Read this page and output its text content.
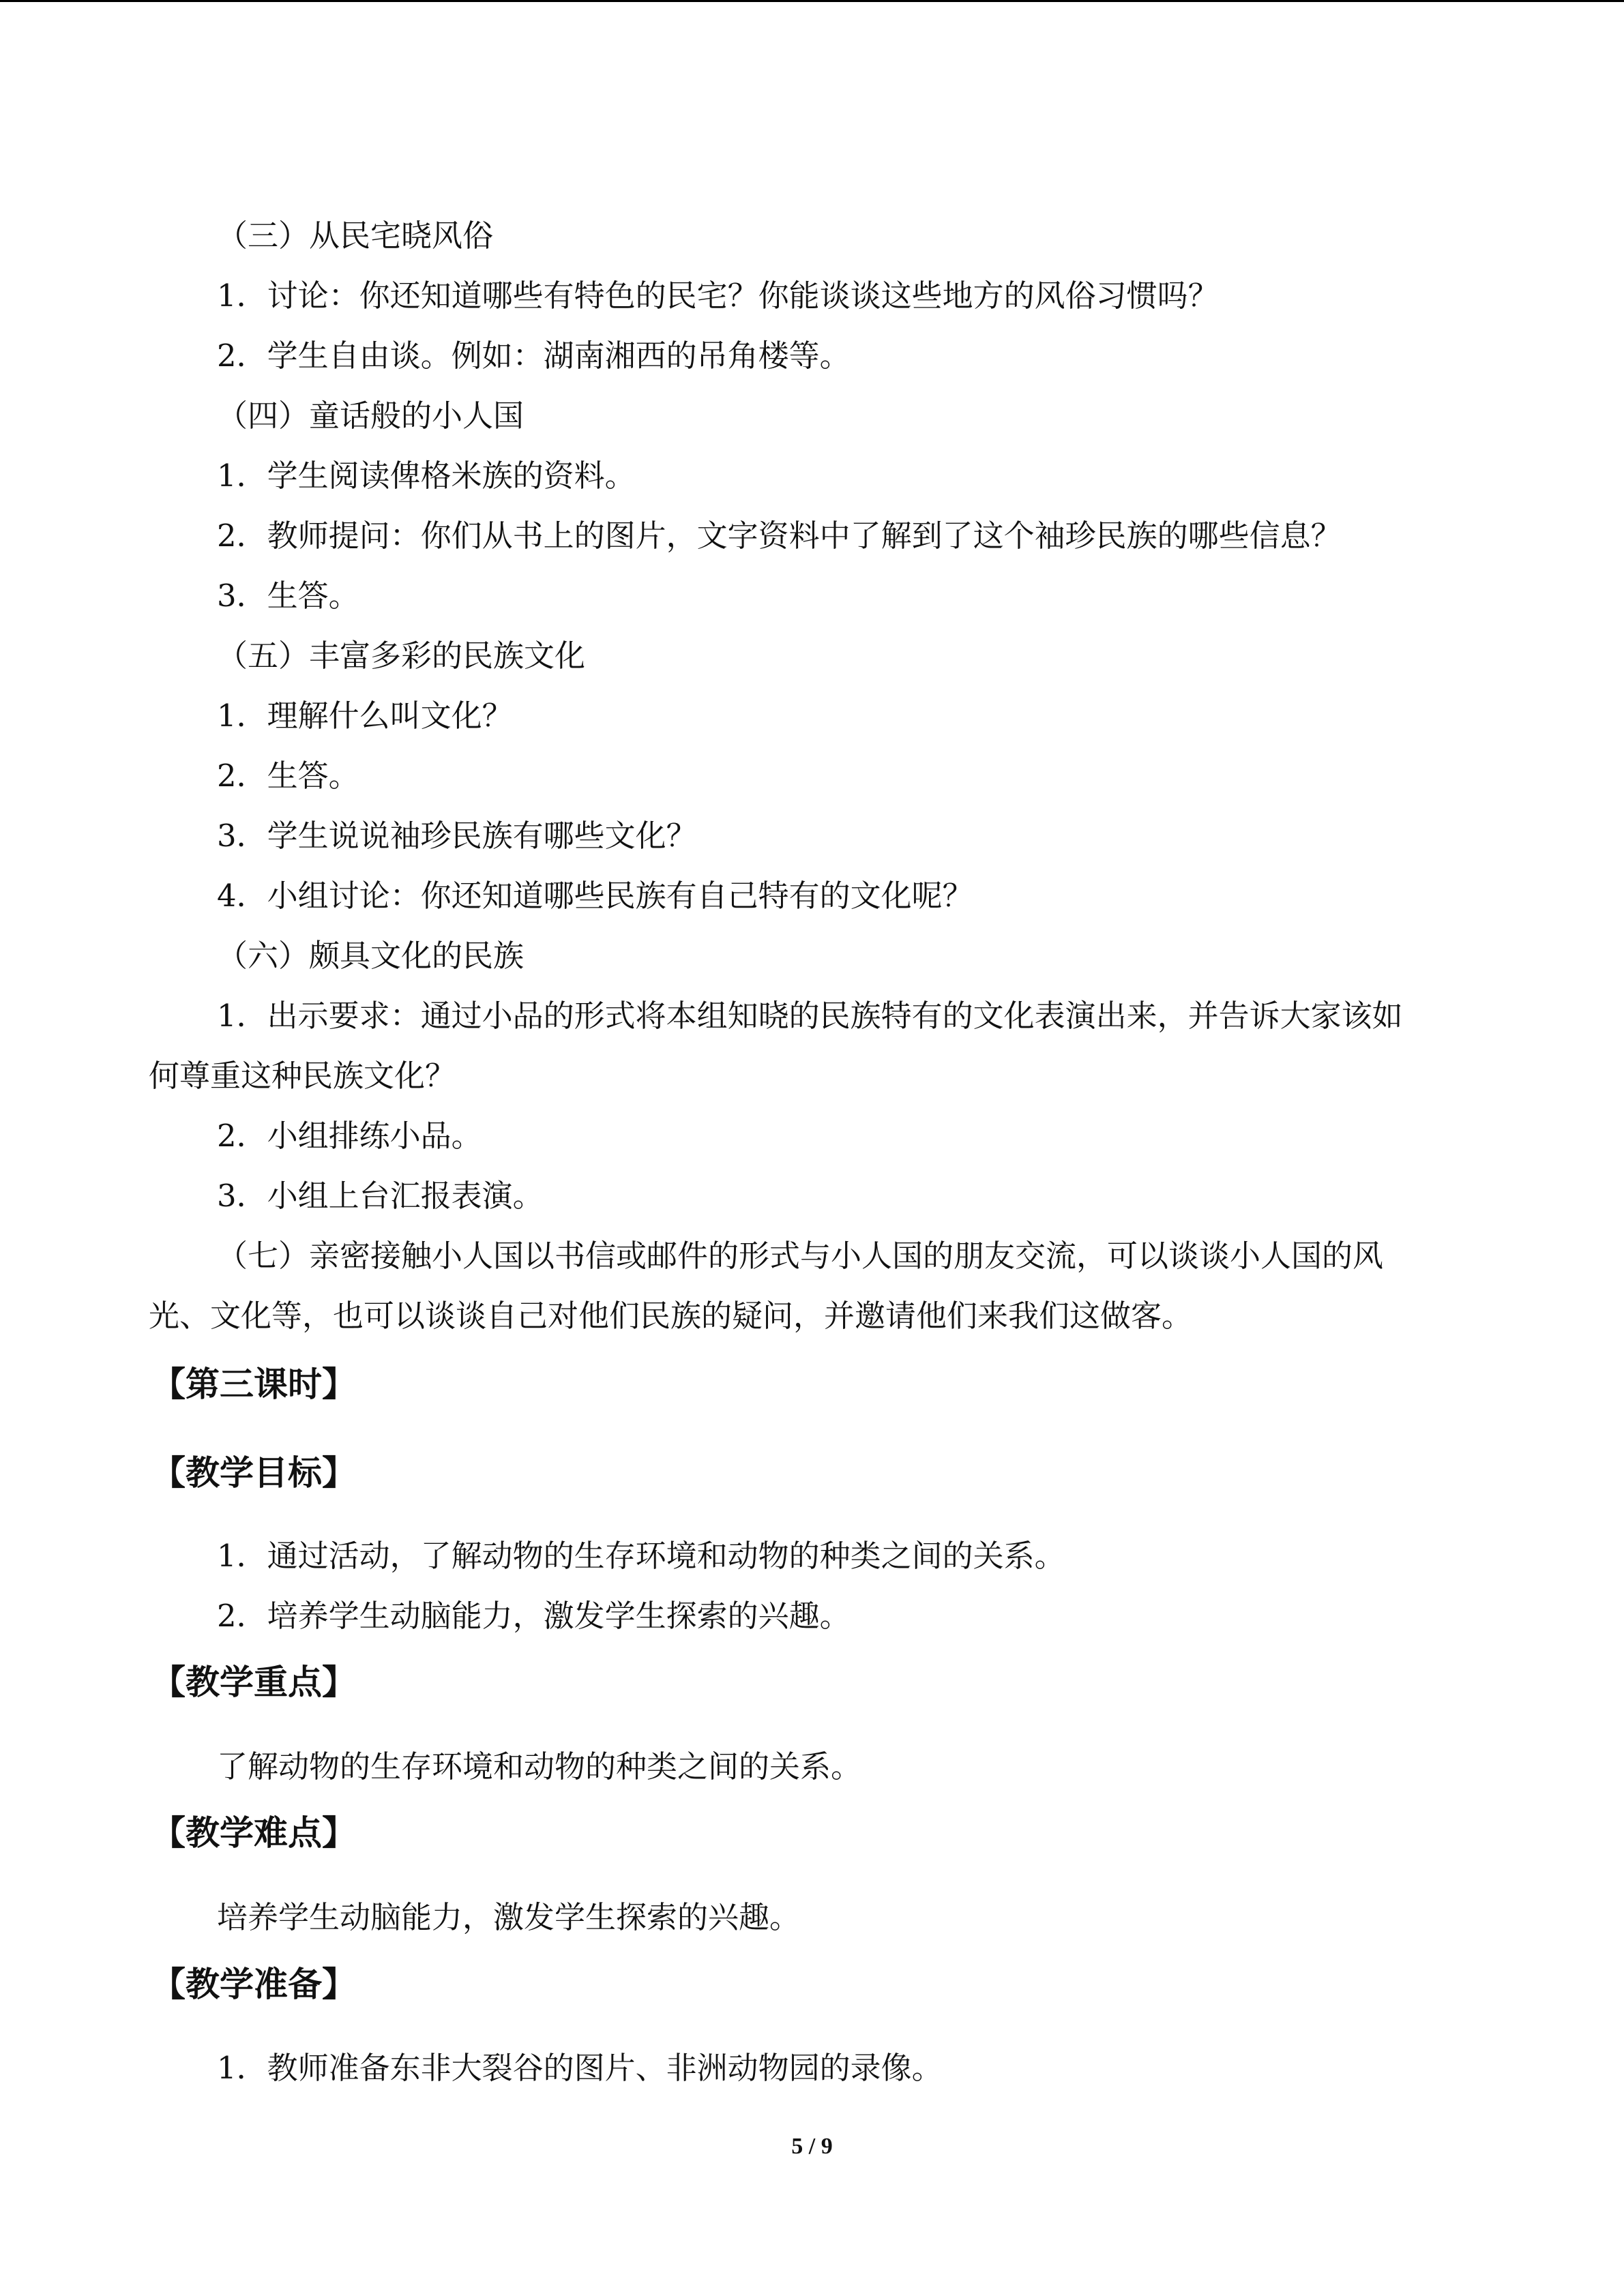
（三）从民宅晓风俗
1．讨论：你还知道哪些有特色的民宅？你能谈谈这些地方的风俗习惯吗？
2．学生自由谈。例如：湖南湘西的吊角楼等。
（四）童话般的小人国
1．学生阅读俾格米族的资料。
2．教师提问：你们从书上的图片，文字资料中了解到了这个袖珍民族的哪些信息？
3．生答。
（五）丰富多彩的民族文化
1．理解什么叫文化？
2．生答。
3．学生说说袖珍民族有哪些文化？
4．小组讨论：你还知道哪些民族有自己特有的文化呢？
（六）颇具文化的民族
1．出示要求：通过小品的形式将本组知晓的民族特有的文化表演出来，并告诉大家该如
何尊重这种民族文化？
2．小组排练小品。
3．小组上台汇报表演。
（七）亲密接触小人国以书信或邮件的形式与小人国的朋友交流，可以谈谈小人国的风
光、文化等，也可以谈谈自己对他们民族的疑问，并邀请他们来我们这做客。
【第三课时】
【教学目标】
1．通过活动，了解动物的生存环境和动物的种类之间的关系。
2．培养学生动脑能力，激发学生探索的兴趣。
【教学重点】
了解动物的生存环境和动物的种类之间的关系。
【教学难点】
培养学生动脑能力，激发学生探索的兴趣。
【教学准备】
1．教师准备东非大裂谷的图片、非洲动物园的录像。
5 / 9
